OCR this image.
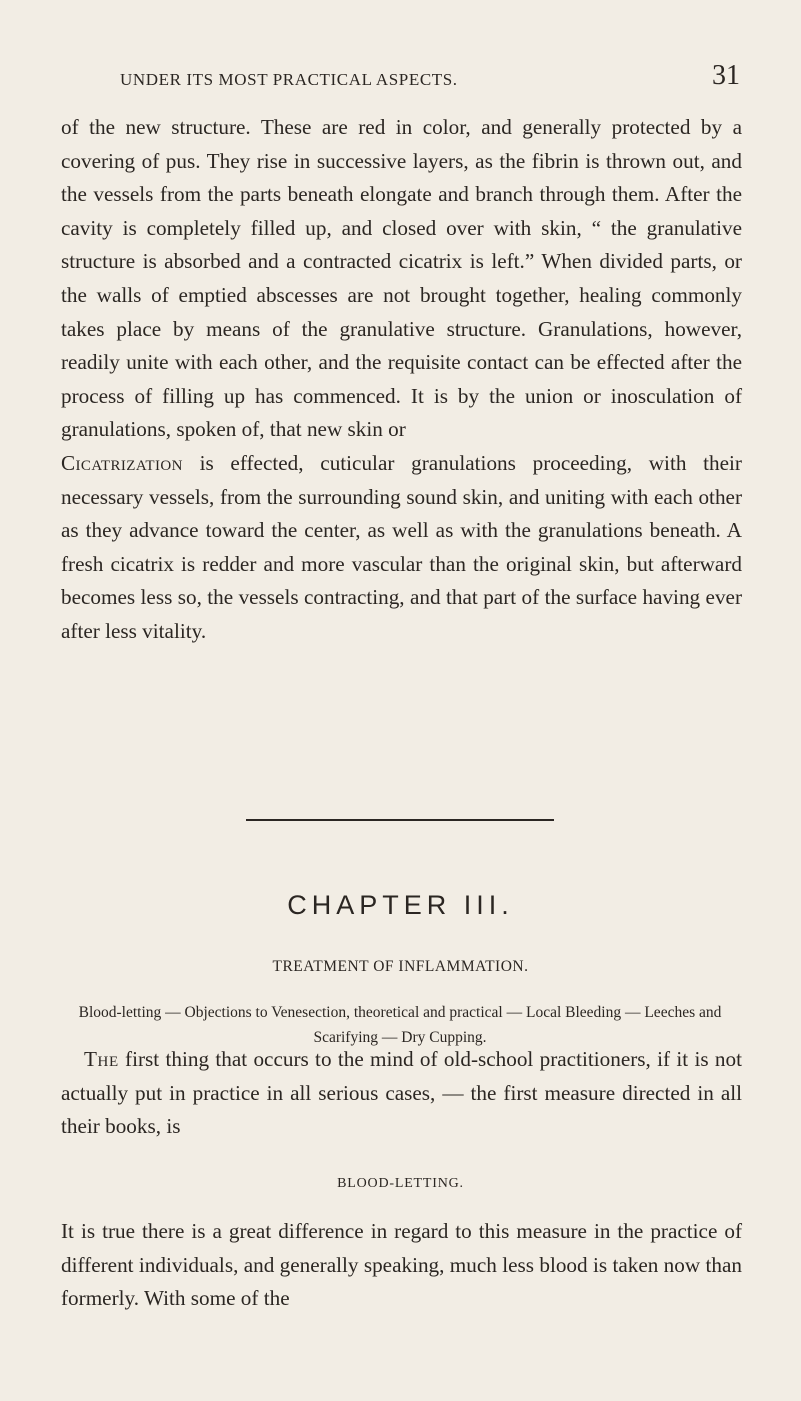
UNDER ITS MOST PRACTICAL ASPECTS.	31

of the new structure. These are red in color, and generally protected by a covering of pus. They rise in successive layers, as the fibrin is thrown out, and the vessels from the parts beneath elongate and branch through them. After the cavity is completely filled up, and closed over with skin, “ the granulative structure is absorbed and a contracted cicatrix is left.” When divided parts, or the walls of emptied abscesses are not brought together, healing commonly takes place by means of the granulative structure. Granulations, however, readily unite with each other, and the requisite contact can be effected after the process of filling up has commenced. It is by the union or inosculation of granulations, spoken of, that new skin or
Cicatrization is effected, cuticular granulations proceeding, with their necessary vessels, from the surrounding sound skin, and uniting with each other as they advance toward the center, as well as with the granulations beneath. A fresh cicatrix is redder and more vascular than the original skin, but afterward becomes less so, the vessels contracting, and that part of the surface having ever after less vitality.

CHAPTER III.
TREATMENT OF INFLAMMATION.

Blood-letting — Objections to Venesection, theoretical and practical — Local Bleeding — Leeches and Scarifying — Dry Cupping.

The first thing that occurs to the mind of old-school practitioners, if it is not actually put in practice in all serious cases, — the first measure directed in all their books, is

BLOOD-LETTING.

It is true there is a great difference in regard to this measure in the practice of different individuals, and generally speaking, much less blood is taken now than formerly. With some of the
